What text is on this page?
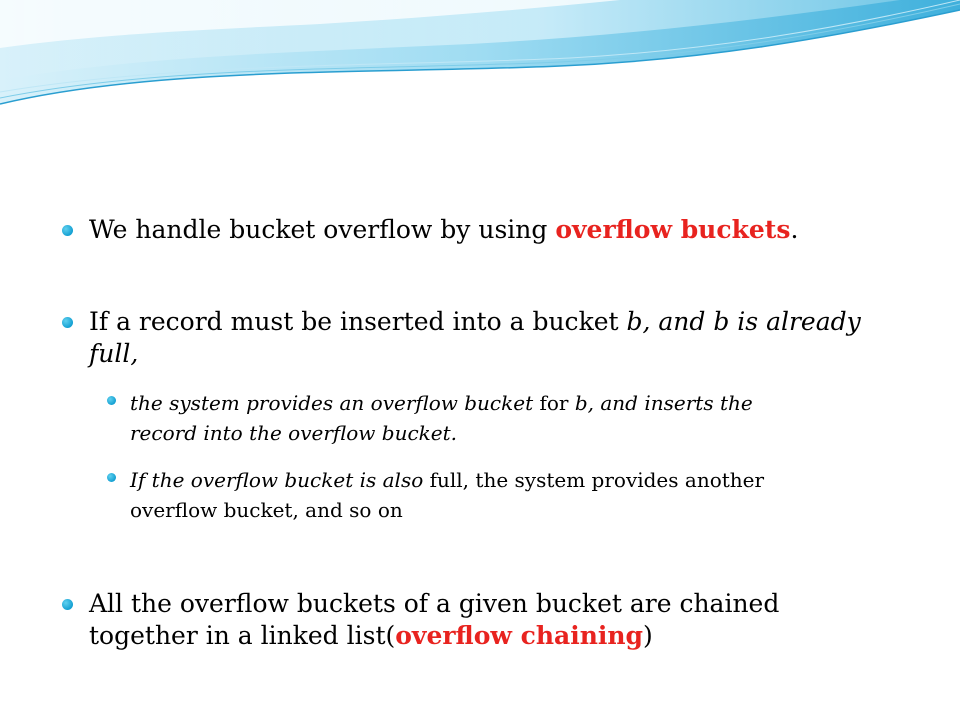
We handle bucket overflow by using overflow buckets.
If a record must be inserted into a bucket b, and b is already
full,
the system provides an overflow bucket for b, and inserts the
record into the overflow bucket.
If the overflow bucket is also full, the system provides another
overflow bucket, and so on
All the overflow buckets of a given bucket are chained
together in a linked list(overflow chaining)
